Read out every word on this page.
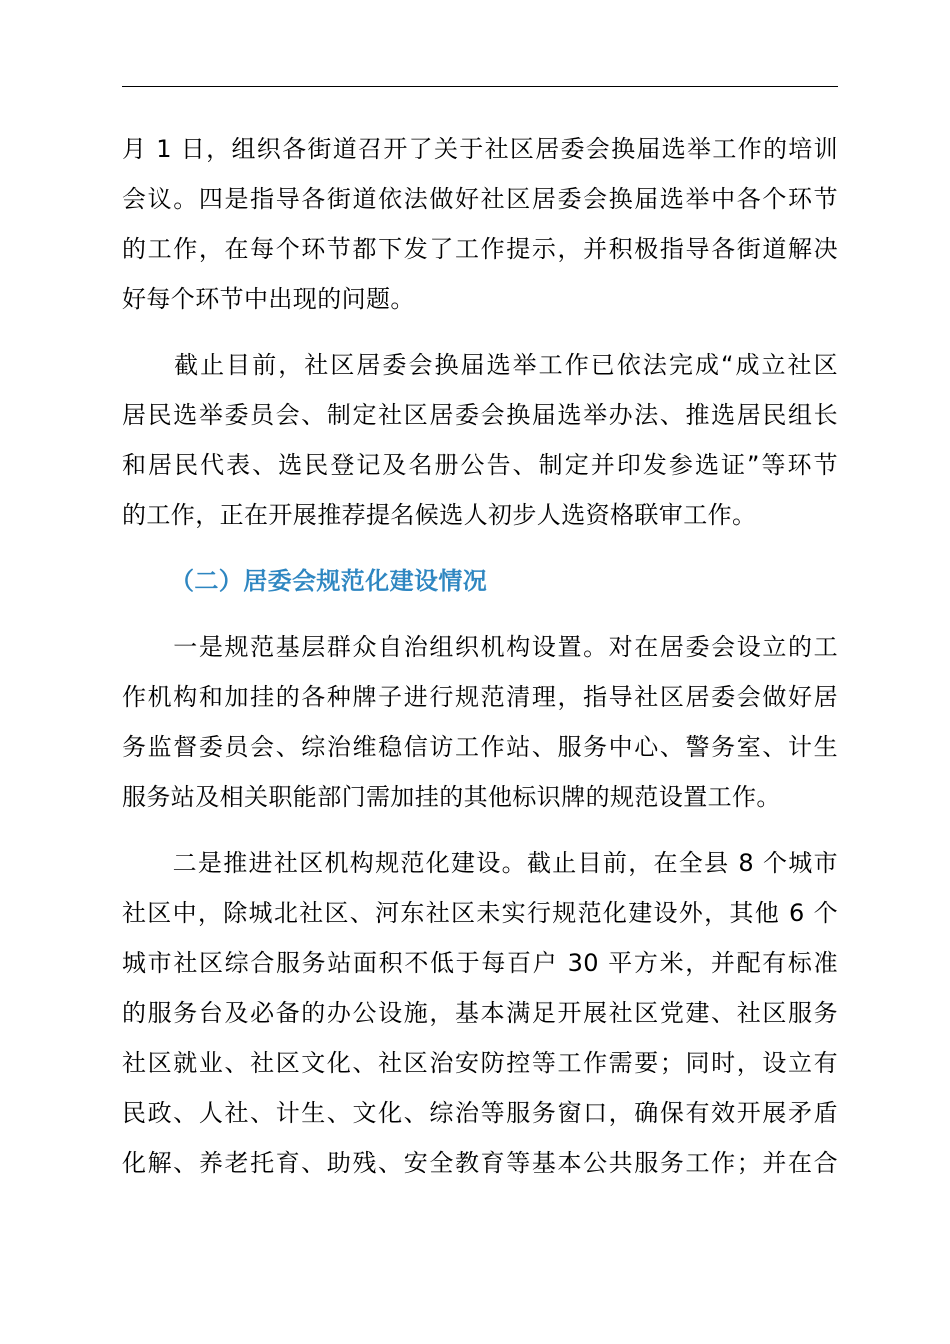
月 1 日，组织各街道召开了关于社区居委会换届选举工作的培训
会议。四是指导各街道依法做好社区居委会换届选举中各个环节
的工作，在每个环节都下发了工作提示，并积极指导各街道解决
好每个环节中出现的问题。
　　截止目前，社区居委会换届选举工作已依法完成“成立社区
居民选举委员会、制定社区居委会换届选举办法、推选居民组长
和居民代表、选民登记及名册公告、制定并印发参选证”等环节
的工作，正在开展推荐提名候选人初步人选资格联审工作。
（二）居委会规范化建设情况
　　一是规范基层群众自治组织机构设置。对在居委会设立的工
作机构和加挂的各种牌子进行规范清理，指导社区居委会做好居
务监督委员会、综治维稳信访工作站、服务中心、警务室、计生
服务站及相关职能部门需加挂的其他标识牌的规范设置工作。
　　二是推进社区机构规范化建设。截止目前，在全县 8 个城市
社区中，除城北社区、河东社区未实行规范化建设外，其他 6 个
城市社区综合服务站面积不低于每百户 30 平方米，并配有标准
的服务台及必备的办公设施，基本满足开展社区党建、社区服务
社区就业、社区文化、社区治安防控等工作需要；同时，设立有
民政、人社、计生、文化、综治等服务窗口，确保有效开展矛盾
化解、养老托育、助残、安全教育等基本公共服务工作；并在合
